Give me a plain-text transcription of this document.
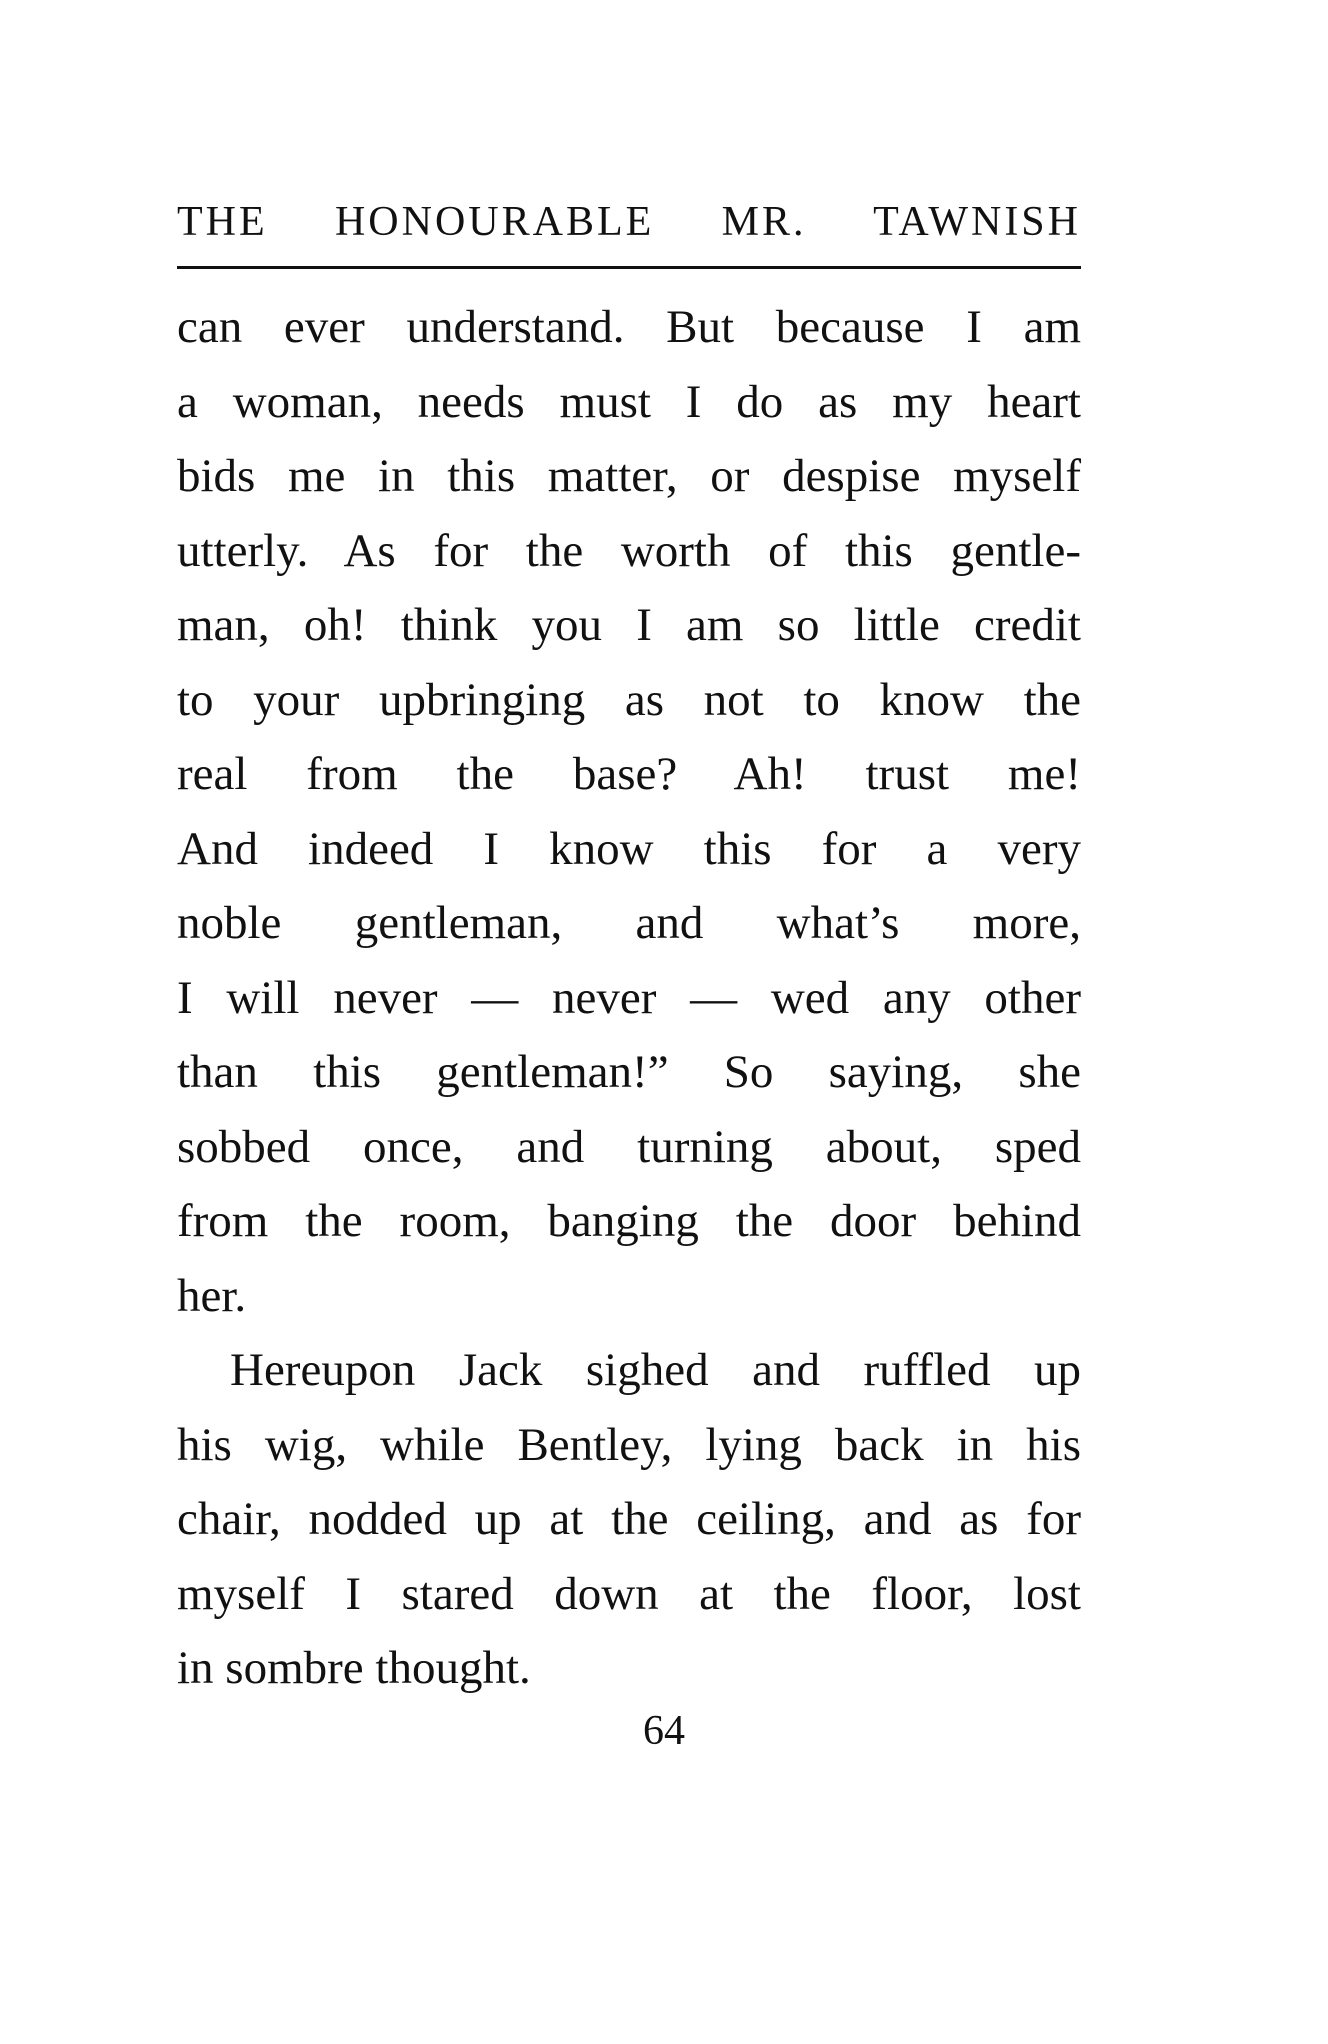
THE HONOURABLE MR. TAWNISH
can ever understand. But because I am
a woman, needs must I do as my heart
bids me in this matter, or despise myself
utterly. As for the worth of this gentle-
man, oh! think you I am so little credit
to your upbringing as not to know the
real from the base? Ah! trust me!
And indeed I know this for a very
noble gentleman, and what’s more,
I will never — never — wed any other
than this gentleman!” So saying, she
sobbed once, and turning about, sped
from the room, banging the door behind
her.
Hereupon Jack sighed and ruffled up
his wig, while Bentley, lying back in his
chair, nodded up at the ceiling, and as for
myself I stared down at the floor, lost
in sombre thought.
64
